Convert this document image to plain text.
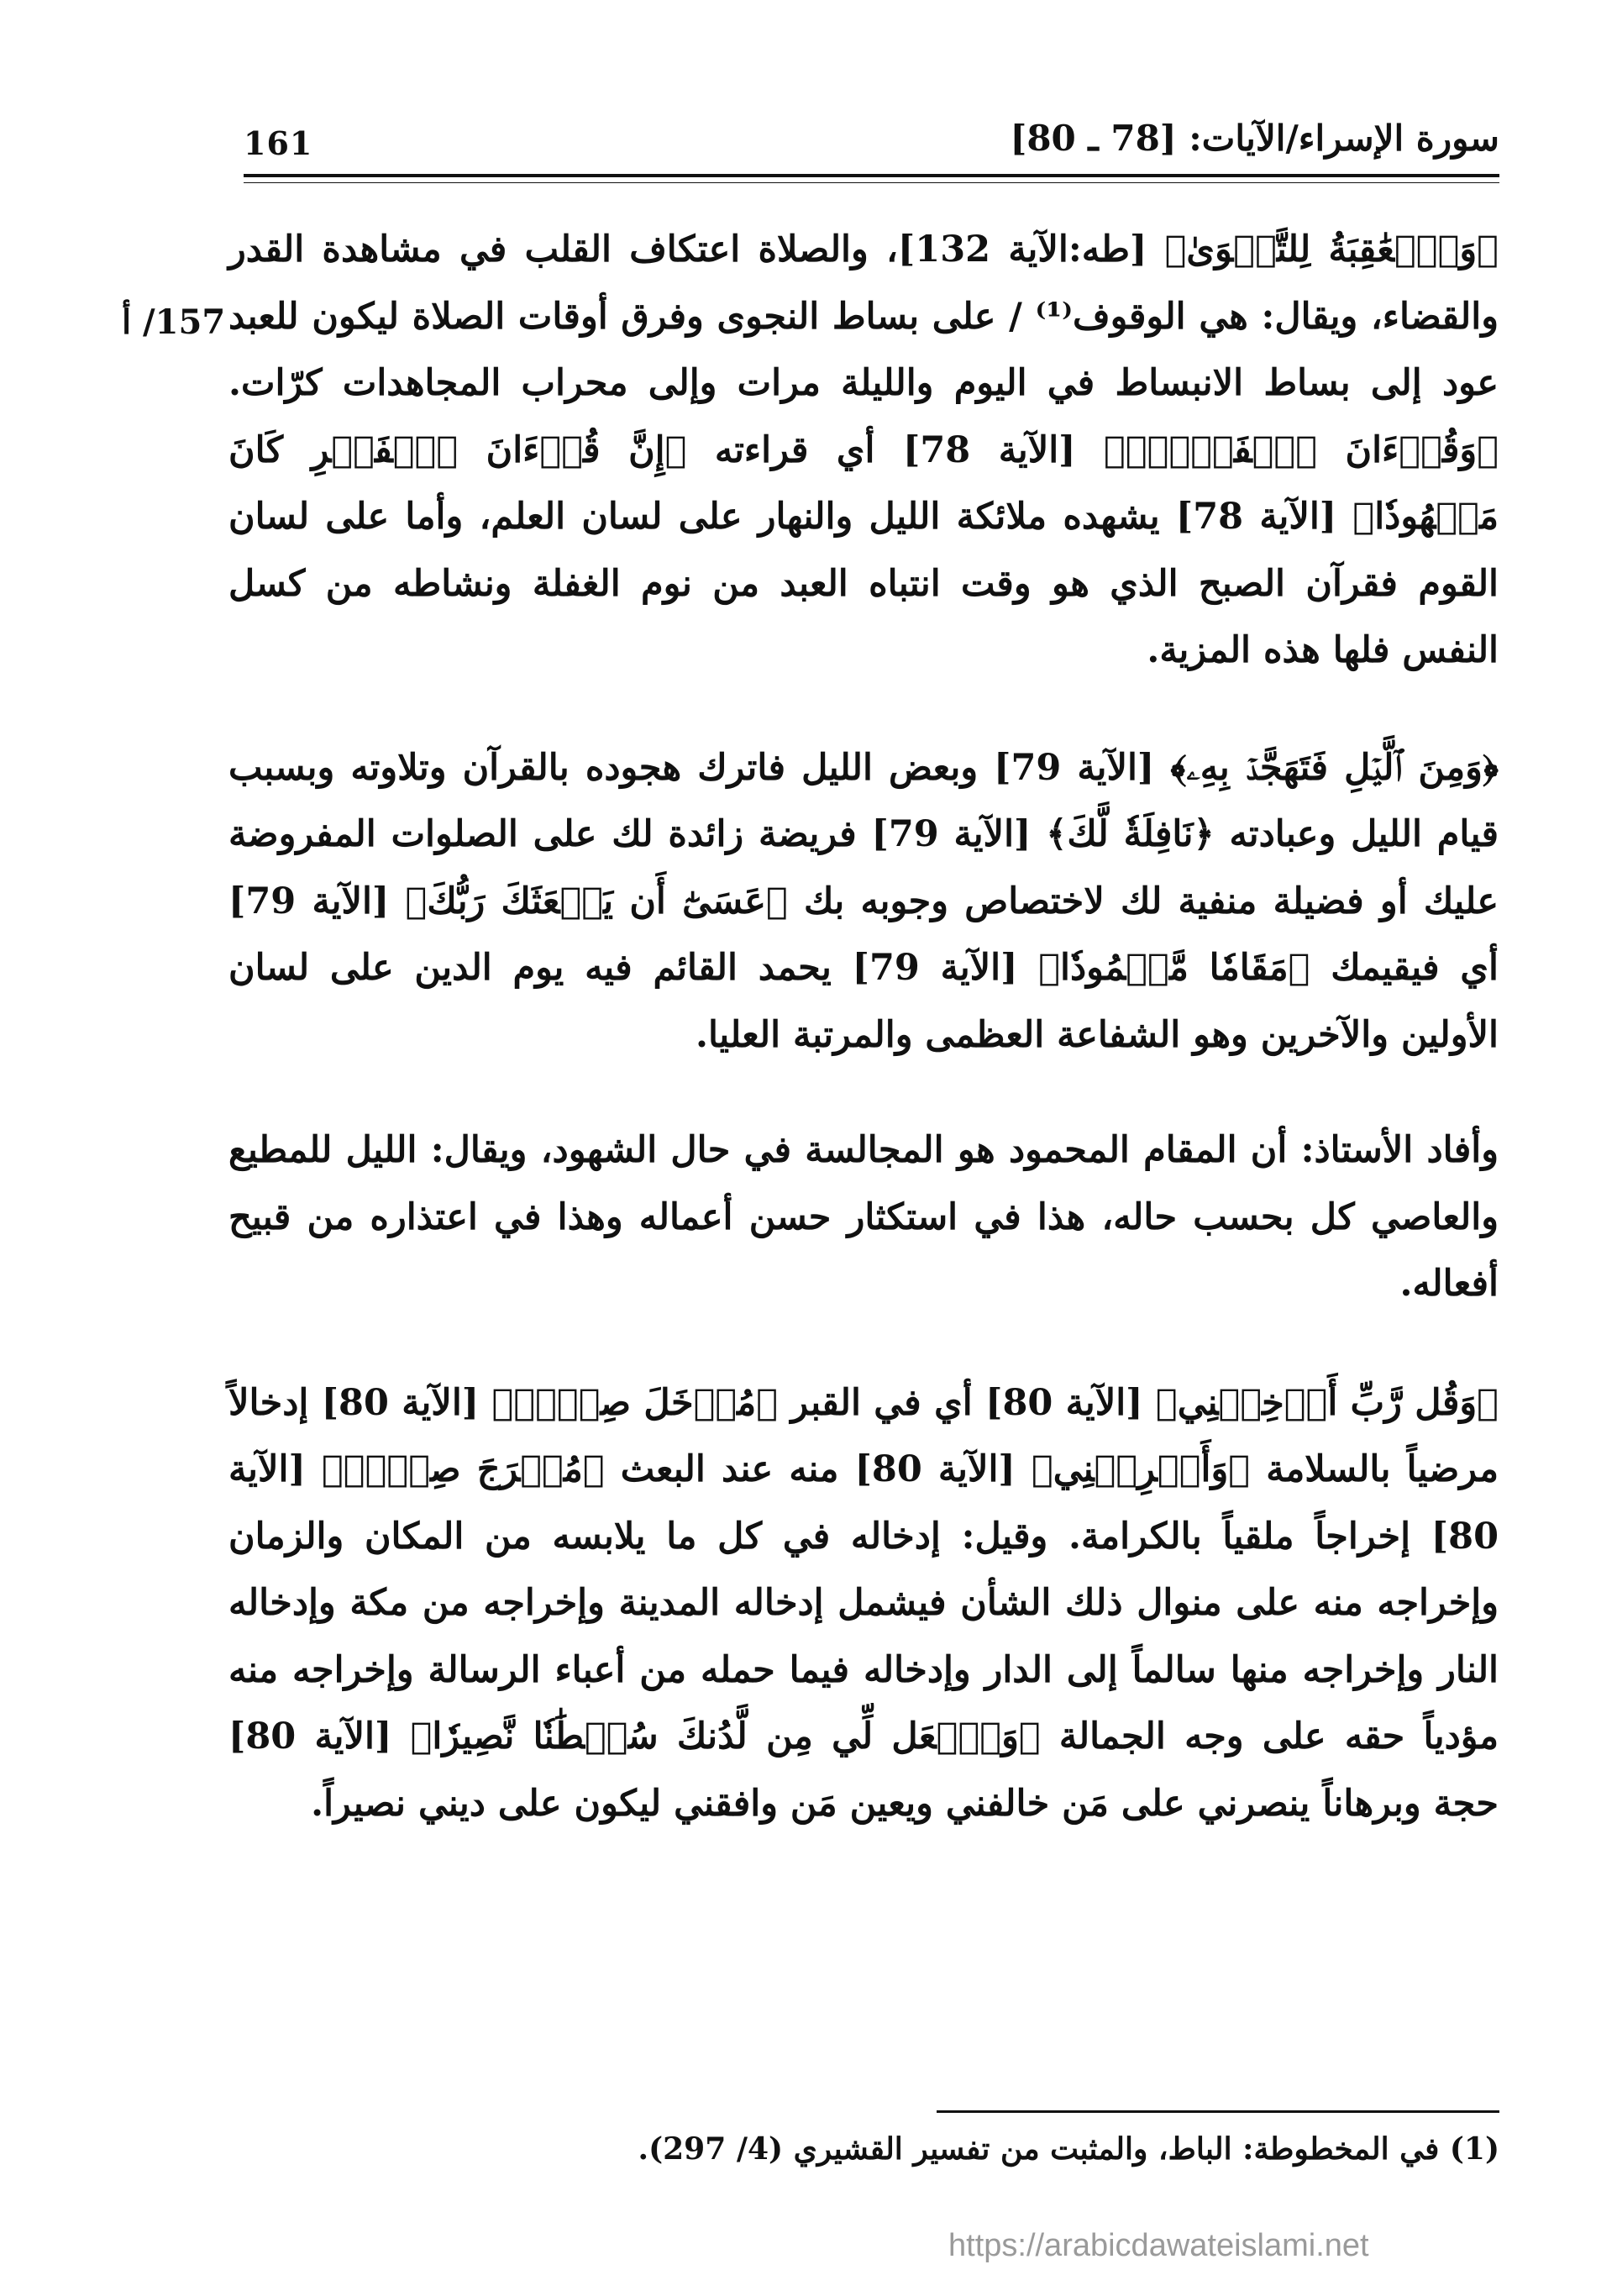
161	سورة الإسراء/الآيات: [78 ـ 80]
157/ أ

﴿وَٱلۡعَٰقِبَةُ لِلتَّقۡوَىٰ﴾ [طه:الآية 132]، والصلاة اعتكاف القلب في مشاهدة القدر والقضاء، ويقال: هي الوقوف⁽¹⁾ / على بساط النجوى وفرق أوقات الصلاة ليكون للعبد عود إلى بساط الانبساط في اليوم والليلة مرات وإلى محراب المجاهدات كرّات. ﴿وَقُرۡءَانَ ٱلۡفَجۡرِۖ﴾ [الآية 78] أي قراءته ﴿إِنَّ قُرۡءَانَ ٱلۡفَجۡرِ كَانَ مَشۡهُودٗا﴾ [الآية 78] يشهده ملائكة الليل والنهار على لسان العلم، وأما على لسان القوم فقرآن الصبح الذي هو وقت انتباه العبد من نوم الغفلة ونشاطه من كسل النفس فلها هذه المزية.

﴿وَمِنَ ٱلَّيۡلِ فَتَهَجَّدۡ بِهِۦ﴾ [الآية 79] وبعض الليل فاترك هجوده بالقرآن وتلاوته وبسبب قيام الليل وعبادته ﴿نَافِلَةٗ لَّكَ﴾ [الآية 79] فريضة زائدة لك على الصلوات المفروضة عليك أو فضيلة منفية لك لاختصاص وجوبه بك ﴿عَسَىٰٓ أَن يَبۡعَثَكَ رَبُّكَ﴾ [الآية 79] أي فيقيمك ﴿مَقَامٗا مَّحۡمُودٗا﴾ [الآية 79] يحمد القائم فيه يوم الدين على لسان الأولين والآخرين وهو الشفاعة العظمى والمرتبة العليا.

وأفاد الأستاذ: أن المقام المحمود هو المجالسة في حال الشهود، ويقال: الليل للمطيع والعاصي كل بحسب حاله، هذا في استكثار حسن أعماله وهذا في اعتذاره من قبيح أفعاله.

﴿وَقُل رَّبِّ أَدۡخِلۡنِي﴾ [الآية 80] أي في القبر ﴿مُدۡخَلَ صِدۡقٖ﴾ [الآية 80] إدخالاً مرضياً بالسلامة ﴿وَأَخۡرِجۡنِي﴾ [الآية 80] منه عند البعث ﴿مُخۡرَجَ صِدۡقٖ﴾ [الآية 80] إخراجاً ملقياً بالكرامة. وقيل: إدخاله في كل ما يلابسه من المكان والزمان وإخراجه منه على منوال ذلك الشأن فيشمل إدخاله المدينة وإخراجه من مكة وإدخاله النار وإخراجه منها سالماً إلى الدار وإدخاله فيما حمله من أعباء الرسالة وإخراجه منه مؤدياً حقه على وجه الجمالة ﴿وَٱجۡعَل لِّي مِن لَّدُنكَ سُلۡطَٰنٗا نَّصِيرٗا﴾ [الآية 80] حجة وبرهاناً ينصرني على مَن خالفني ويعين مَن وافقني ليكون على ديني نصيراً.

(1) في المخطوطة: الباط، والمثبت من تفسير القشيري (4/ 297).
https://arabicdawateislami.net
